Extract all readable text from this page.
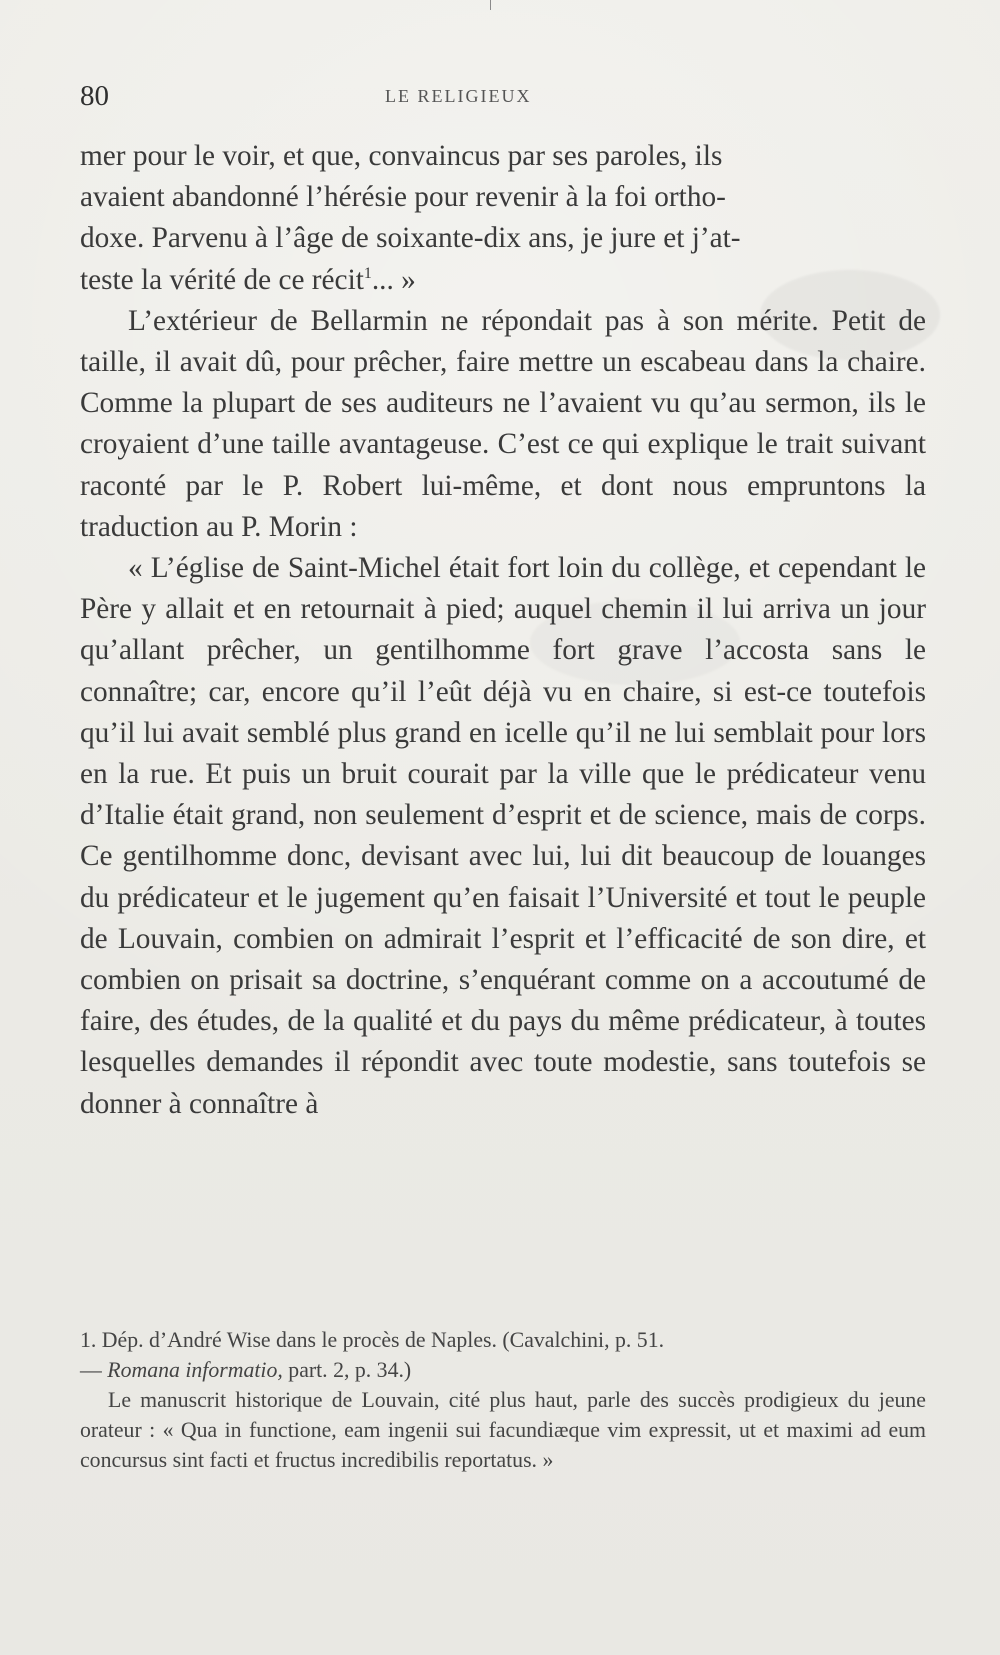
80	LE RELIGIEUX

mer pour le voir, et que, convaincus par ses paroles, ils
avaient abandonné l’hérésie pour revenir à la foi ortho-
doxe. Parvenu à l’âge de soixante-dix ans, je jure et j’at-
teste la vérité de ce récit$^1$... »

L’extérieur de Bellarmin ne répondait pas à son mérite. Petit de taille, il avait dû, pour prêcher, faire mettre un escabeau dans la chaire. Comme la plupart de ses auditeurs ne l’avaient vu qu’au sermon, ils le croyaient d’une taille avantageuse. C’est ce qui explique le trait suivant raconté par le P. Robert lui-même, et dont nous empruntons la traduction au P. Morin :

« L’église de Saint-Michel était fort loin du collège, et cependant le Père y allait et en retournait à pied; auquel chemin il lui arriva un jour qu’allant prêcher, un gentilhomme fort grave l’accosta sans le connaître; car, encore qu’il l’eût déjà vu en chaire, si est-ce toutefois qu’il lui avait semblé plus grand en icelle qu’il ne lui semblait pour lors en la rue. Et puis un bruit courait par la ville que le prédicateur venu d’Italie était grand, non seulement d’esprit et de science, mais de corps. Ce gentilhomme donc, devisant avec lui, lui dit beaucoup de louanges du prédicateur et le jugement qu’en faisait l’Université et tout le peuple de Louvain, combien on admirait l’esprit et l’efficacité de son dire, et combien on prisait sa doctrine, s’enquérant comme on a accoutumé de faire, des études, de la qualité et du pays du même prédicateur, à toutes lesquelles demandes il répondit avec toute modestie, sans toutefois se donner à connaître à

1. Dép. d’André Wise dans le procès de Naples. (Cavalchini, p. 51.
— Romana informatio, part. 2, p. 34.)

Le manuscrit historique de Louvain, cité plus haut, parle des succès prodigieux du jeune orateur : « Qua in functione, eam ingenii sui facundiæque vim expressit, ut et maximi ad eum concursus sint facti et fructus incredibilis reportatus. »
